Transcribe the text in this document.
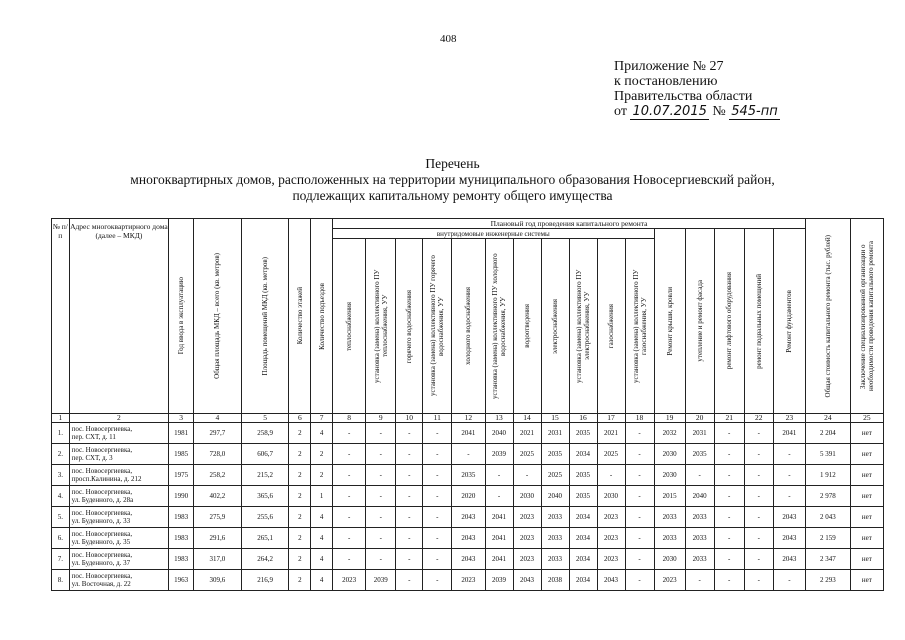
408
Приложение № 27
к постановлению
Правительства области
от 10.07.2015 № 545-пп
Перечень
многоквартирных домов, расположенных на территории муниципального образования Новосергиевский район,
подлежащих капитальному ремонту общего имущества
№ п/п	Адрес многоквартирного дома (далее – МКД)	Год ввода в эксплуатацию	Общая площадь МКД – всего (кв. метров)	Площадь помещений МКД (кв. метров)	Количество этажей	Количество подъездов	Плановый год проведения капитального ремонта																Общая стоимость капитального ремонта (тыс. рублей)	Заключение специализированной организации о необходимости проведения капитального ремонта

							внутридомовые инженерные системы											Ремонт крыши, кровли	утепление и ремонт фасада	ремонт лифтового оборудования	ремонт подвальных помещений	Ремонт фундаментов		

							теплоснабжения	установка (замена) коллективного ПУ теплоснабжения, УУ	горячего водоснабжения	установка (замена) коллективного ПУ горячего водоснабжения, УУ	холодного водоснабжения	установка (замена) коллективного ПУ холодного водоснабжения, УУ	водоотведения	электроснабжения	установка (замена) коллективного ПУ электроснабжения, УУ	газоснабжения	установка (замена) коллективного ПУ газоснабжения, УУ							

1	2	3	4	5	6	7	8	9	10	11	12	13	14	15	16	17	18	19	20	21	22	23	24	25
1.	пос. Новосергиевка,
пер. СХТ, д. 11	1981	297,7	258,9	2	4	-	-	-	-	2041	2040	2021	2031	2035	2021	-	2032	2031	-	-	2041	2 204	нет
2.	пос. Новосергиевка,
пер. СХТ, д. 3	1985	728,0	606,7	2	2	-	-	-	-	-	2039	2025	2035	2034	2025	-	2030	2035	-	-	-	5 391	нет
3.	пос. Новосергиевка,
просп.Калинина, д. 212	1975	258,2	215,2	2	2	-	-	-	-	2035	-	-	2025	2035	-	-	2030	-	-	-	-	1 912	нет
4.	пос. Новосергиевка,
ул. Буденного, д. 28а	1990	402,2	365,6	2	1	-	-	-	-	2020	-	2030	2040	2035	2030	-	2015	2040	-	-	-	2 978	нет
5.	пос. Новосергиевка,
ул. Буденного, д. 33	1983	275,9	255,6	2	4	-	-	-	-	2043	2041	2023	2033	2034	2023	-	2033	2033	-	-	2043	2 043	нет
6.	пос. Новосергиевка,
ул. Буденного, д. 35	1983	291,6	265,1	2	4	-	-	-	-	2043	2041	2023	2033	2034	2023	-	2033	2033	-	-	2043	2 159	нет
7.	пос. Новосергиевка,
ул. Буденного, д. 37	1983	317,0	264,2	2	4	-	-	-	-	2043	2041	2023	2033	2034	2023	-	2030	2033	-	-	2043	2 347	нет
8.	пос. Новосергиевка,
ул. Восточная, д. 22	1963	309,6	216,9	2	4	2023	2039	-	-	2023	2039	2043	2038	2034	2043	-	2023	-	-	-	-	2 293	нет
